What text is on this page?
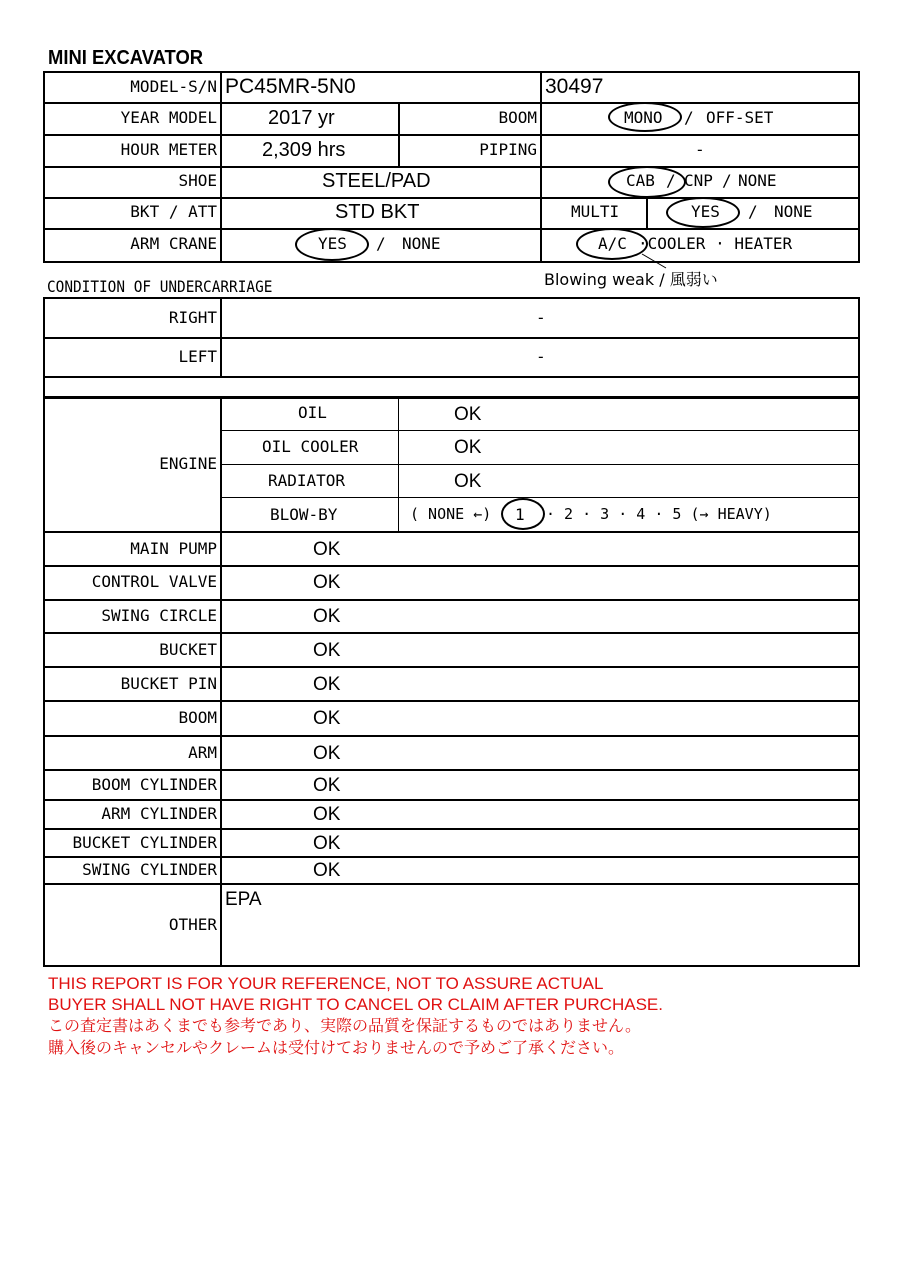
MINI EXCAVATOR
MODEL-S/N PC45MR-5N0	30497
YEAR MODEL	2017 yr	BOOM	MONO / OFF-SET
HOUR METER 2,309 hrs	PIPING	-
SHOE	STEEL/PAD	CAB / CNP / NONE
BKT / ATT	STD BKT	MULTI	YES / NONE
ARM CRANE	YES / NONE	A/C ·COOLER · HEATER
Blowing weak / 風弱い
CONDITION OF UNDERCARRIAGE
RIGHT	-
LEFT	-
ENGINE
OIL	OK
OIL COOLER	OK
RADIATOR	OK
BLOW-BY	( NONE ←) 1 · 2 · 3 · 4 · 5 (→ HEAVY)
MAIN PUMP	OK
CONTROL VALVE	OK
SWING CIRCLE	OK
BUCKET	OK
BUCKET PIN	OK
BOOM	OK
ARM	OK
BOOM CYLINDER	OK
ARM CYLINDER	OK
BUCKET CYLINDER	OK
SWING CYLINDER	OK
OTHER
EPA
THIS REPORT IS FOR YOUR REFERENCE, NOT TO ASSURE ACTUAL
BUYER SHALL NOT HAVE RIGHT TO CANCEL OR CLAIM AFTER PURCHASE.
この査定書はあくまでも参考であり、実際の品質を保証するものではありません。
購入後のキャンセルやクレームは受付けておりませんので予めご了承ください。
